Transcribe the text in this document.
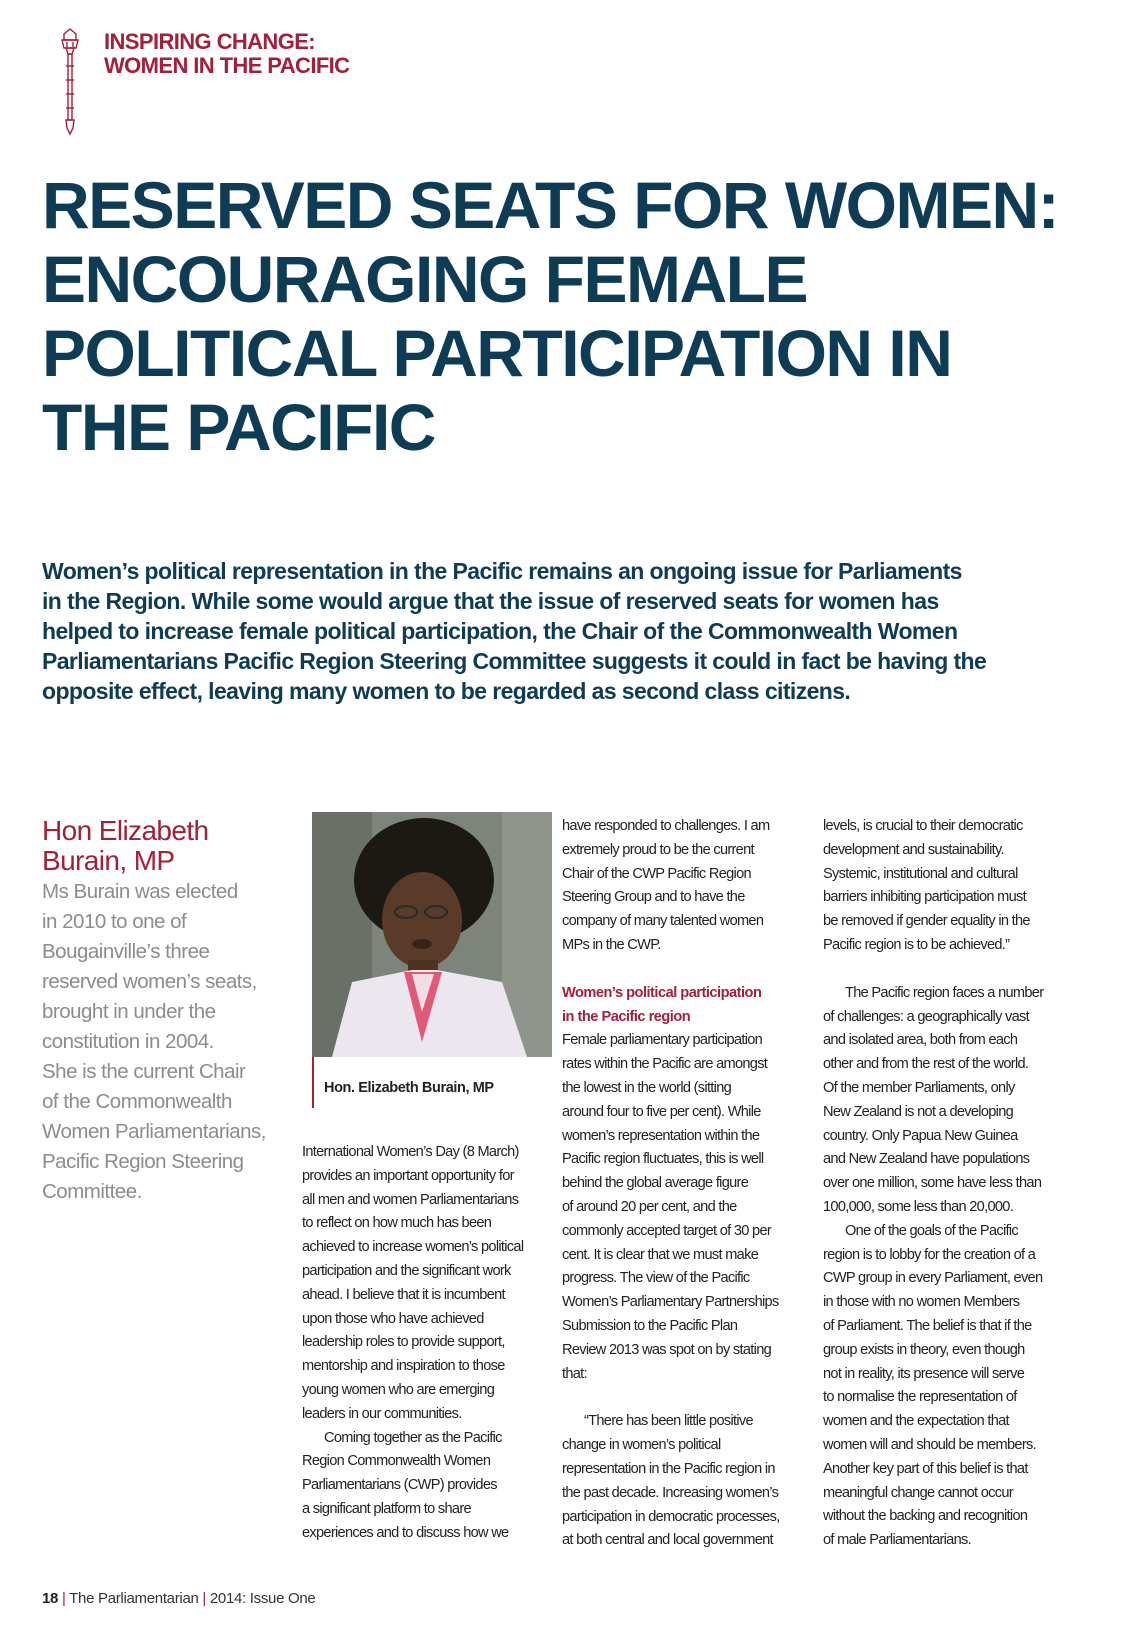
INSPIRING CHANGE:
WOMEN IN THE PACIFIC
RESERVED SEATS FOR WOMEN:
ENCOURAGING FEMALE
POLITICAL PARTICIPATION IN
THE PACIFIC
Women’s political representation in the Pacific remains an ongoing issue for Parliaments
in the Region. While some would argue that the issue of reserved seats for women has
helped to increase female political participation, the Chair of the Commonwealth Women
Parliamentarians Pacific Region Steering Committee suggests it could in fact be having the
opposite effect, leaving many women to be regarded as second class citizens.
Hon Elizabeth
Burain, MP
Ms Burain was elected
in 2010 to one of
Bougainville’s three
reserved women’s seats,
brought in under the
constitution in 2004.
She is the current Chair
of the Commonwealth
Women Parliamentarians,
Pacific Region Steering
Committee.
Hon. Elizabeth Burain, MP
International Women’s Day (8 March)
provides an important opportunity for
all men and women Parliamentarians
to reflect on how much has been
achieved to increase women’s political
participation and the significant work
ahead. I believe that it is incumbent
upon those who have achieved
leadership roles to provide support,
mentorship and inspiration to those
young women who are emerging
leaders in our communities.
Coming together as the Pacific
Region Commonwealth Women
Parliamentarians (CWP) provides
a significant platform to share
experiences and to discuss how we
have responded to challenges. I am
extremely proud to be the current
Chair of the CWP Pacific Region
Steering Group and to have the
company of many talented women
MPs in the CWP.
Women’s political participation
in the Pacific region
Female parliamentary participation
rates within the Pacific are amongst
the lowest in the world (sitting
around four to five per cent). While
women’s representation within the
Pacific region fluctuates, this is well
behind the global average figure
of around 20 per cent, and the
commonly accepted target of 30 per
cent. It is clear that we must make
progress. The view of the Pacific
Women’s Parliamentary Partnerships
Submission to the Pacific Plan
Review 2013 was spot on by stating
that:
“There has been little positive
change in women’s political
representation in the Pacific region in
the past decade. Increasing women’s
participation in democratic processes,
at both central and local government
levels, is crucial to their democratic
development and sustainability.
Systemic, institutional and cultural
barriers inhibiting participation must
be removed if gender equality in the
Pacific region is to be achieved.”
The Pacific region faces a number
of challenges: a geographically vast
and isolated area, both from each
other and from the rest of the world.
Of the member Parliaments, only
New Zealand is not a developing
country. Only Papua New Guinea
and New Zealand have populations
over one million, some have less than
100,000, some less than 20,000.
One of the goals of the Pacific
region is to lobby for the creation of a
CWP group in every Parliament, even
in those with no women Members
of Parliament. The belief is that if the
group exists in theory, even though
not in reality, its presence will serve
to normalise the representation of
women and the expectation that
women will and should be members.
Another key part of this belief is that
meaningful change cannot occur
without the backing and recognition
of male Parliamentarians.
18 | The Parliamentarian | 2014: Issue One
